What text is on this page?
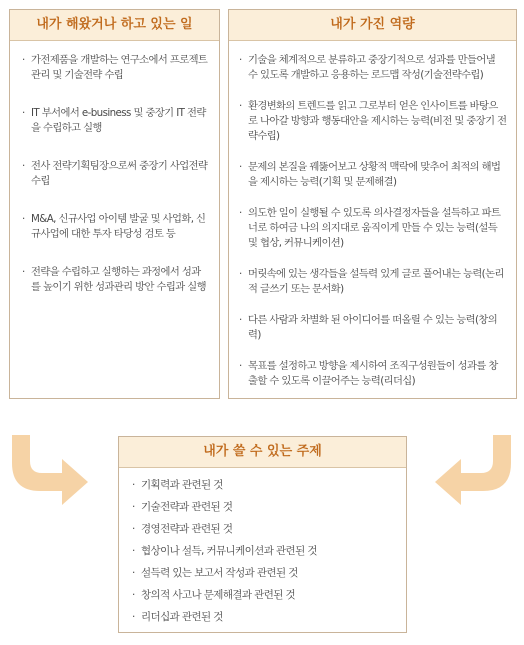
내가 해왔거나 하고 있는 일
· 가전제품을 개발하는 연구소에서 프로젝트 관리 및 기술전략 수립
· IT 부서에서 e-business 및 중장기 IT 전략을 수립하고 실행
· 전사 전략기획팀장으로써 중장기 사업전략 수립
· M&A, 신규사업 아이템 발굴 및 사업화, 신규사업에 대한 투자 타당성 검토 등
· 전략을 수립하고 실행하는 과정에서 성과를 높이기 위한 성과관리 방안 수립과 실행
내가 가진 역량
· 기술을 체계적으로 분류하고 중장기적으로 성과를 만들어낼 수 있도록 개발하고 응용하는 로드맵 작성(기술전략수립)
· 환경변화의 트렌드를 읽고 그로부터 얻은 인사이트를 바탕으로 나아갈 방향과 행동대안을 제시하는 능력(비전 및 중장기 전략수립)
· 문제의 본질을 꿰뚫어보고 상황적 맥락에 맞추어 최적의 해법을 제시하는 능력(기획 및 문제해결)
· 의도한 일이 실행될 수 있도록 의사결정자들을 설득하고 파트너로 하여금 나의 의지대로 움직이게 만들 수 있는 능력(설득 및 협상, 커뮤니케이션)
· 머릿속에 있는 생각들을 설득력 있게 글로 풀어내는 능력(논리적 글쓰기 또는 문서화)
· 다른 사람과 차별화 된 아이디어를 떠올릴 수 있는 능력(창의력)
· 목표를 설정하고 방향을 제시하여 조직구성원들이 성과를 창출할 수 있도록 이끌어주는 능력(리더십)
내가 쓸 수 있는 주제
· 기획력과 관련된 것
· 기술전략과 관련된 것
· 경영전략과 관련된 것
· 협상이나 설득, 커뮤니케이션과 관련된 것
· 설득력 있는 보고서 작성과 관련된 것
· 창의적 사고나 문제해결과 관련된 것
· 리더십과 관련된 것
